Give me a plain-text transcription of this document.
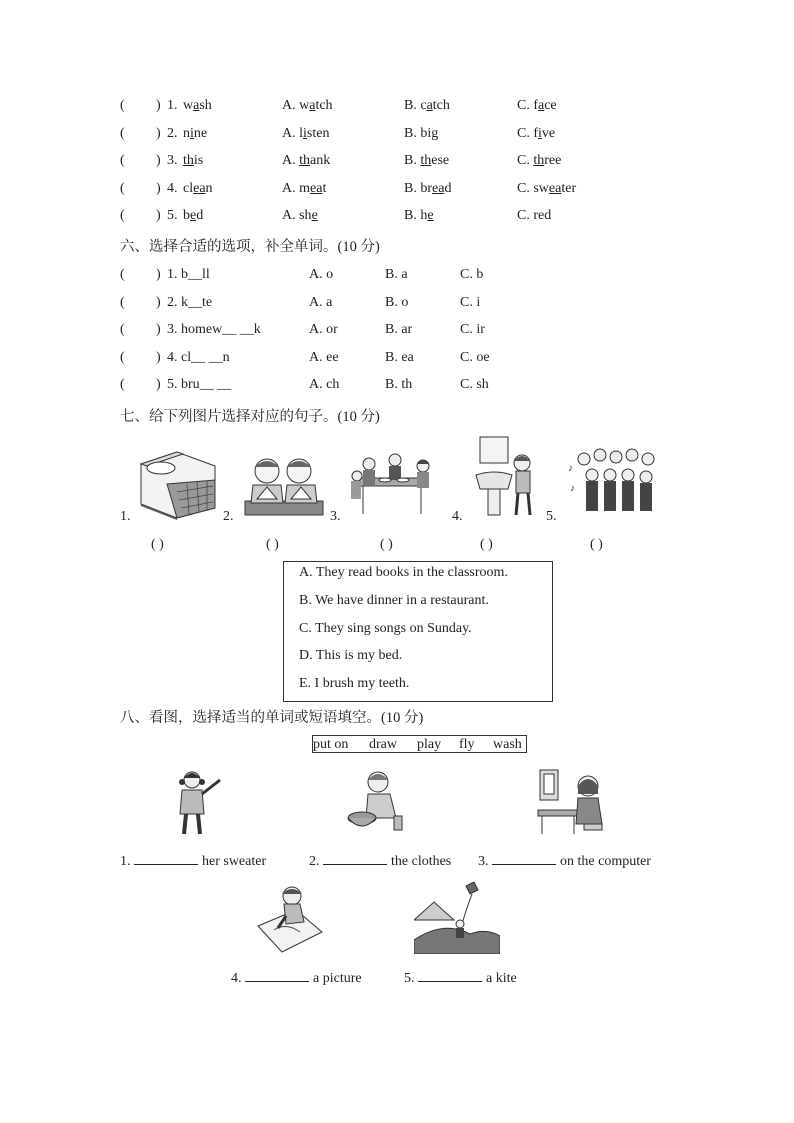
( ) 1. wash	A. watch	B. catch	C. face
( ) 2. nine	A. listen	B. big	C. five
( ) 3. this	A. thank	B. these	C. three
( ) 4. clean	A. meat	B. bread	C. sweater
( ) 5. bed	A. she	B. he	C. red
六、选择合适的选项，补全单词。(10 分)
( ) 1. b__ll	A. o	B. a	C. b
( ) 2. k__te	A. a	B. o	C. i
( ) 3. homew__ __k	A. or	B. ar	C. ir
( ) 4. cl__ __n	A. ee	B. ea	C. oe
( ) 5. bru__ __	A. ch	B. th	C. sh
七、给下列图片选择对应的句子。(10 分)
♪
♪
1.	2.	3.	4.	5.
( )	( )	( )	( )	( )
A. They read books in the classroom.
B. We have dinner in a restaurant.
C. They sing songs on Sunday.
D. This is my bed.
E. I brush my teeth.
八、看图，选择适当的单词或短语填空。(10 分)
put on draw play fly wash
1.	her sweater	2.	the clothes 3.	on the computer
4.	a picture	5.	a kite
